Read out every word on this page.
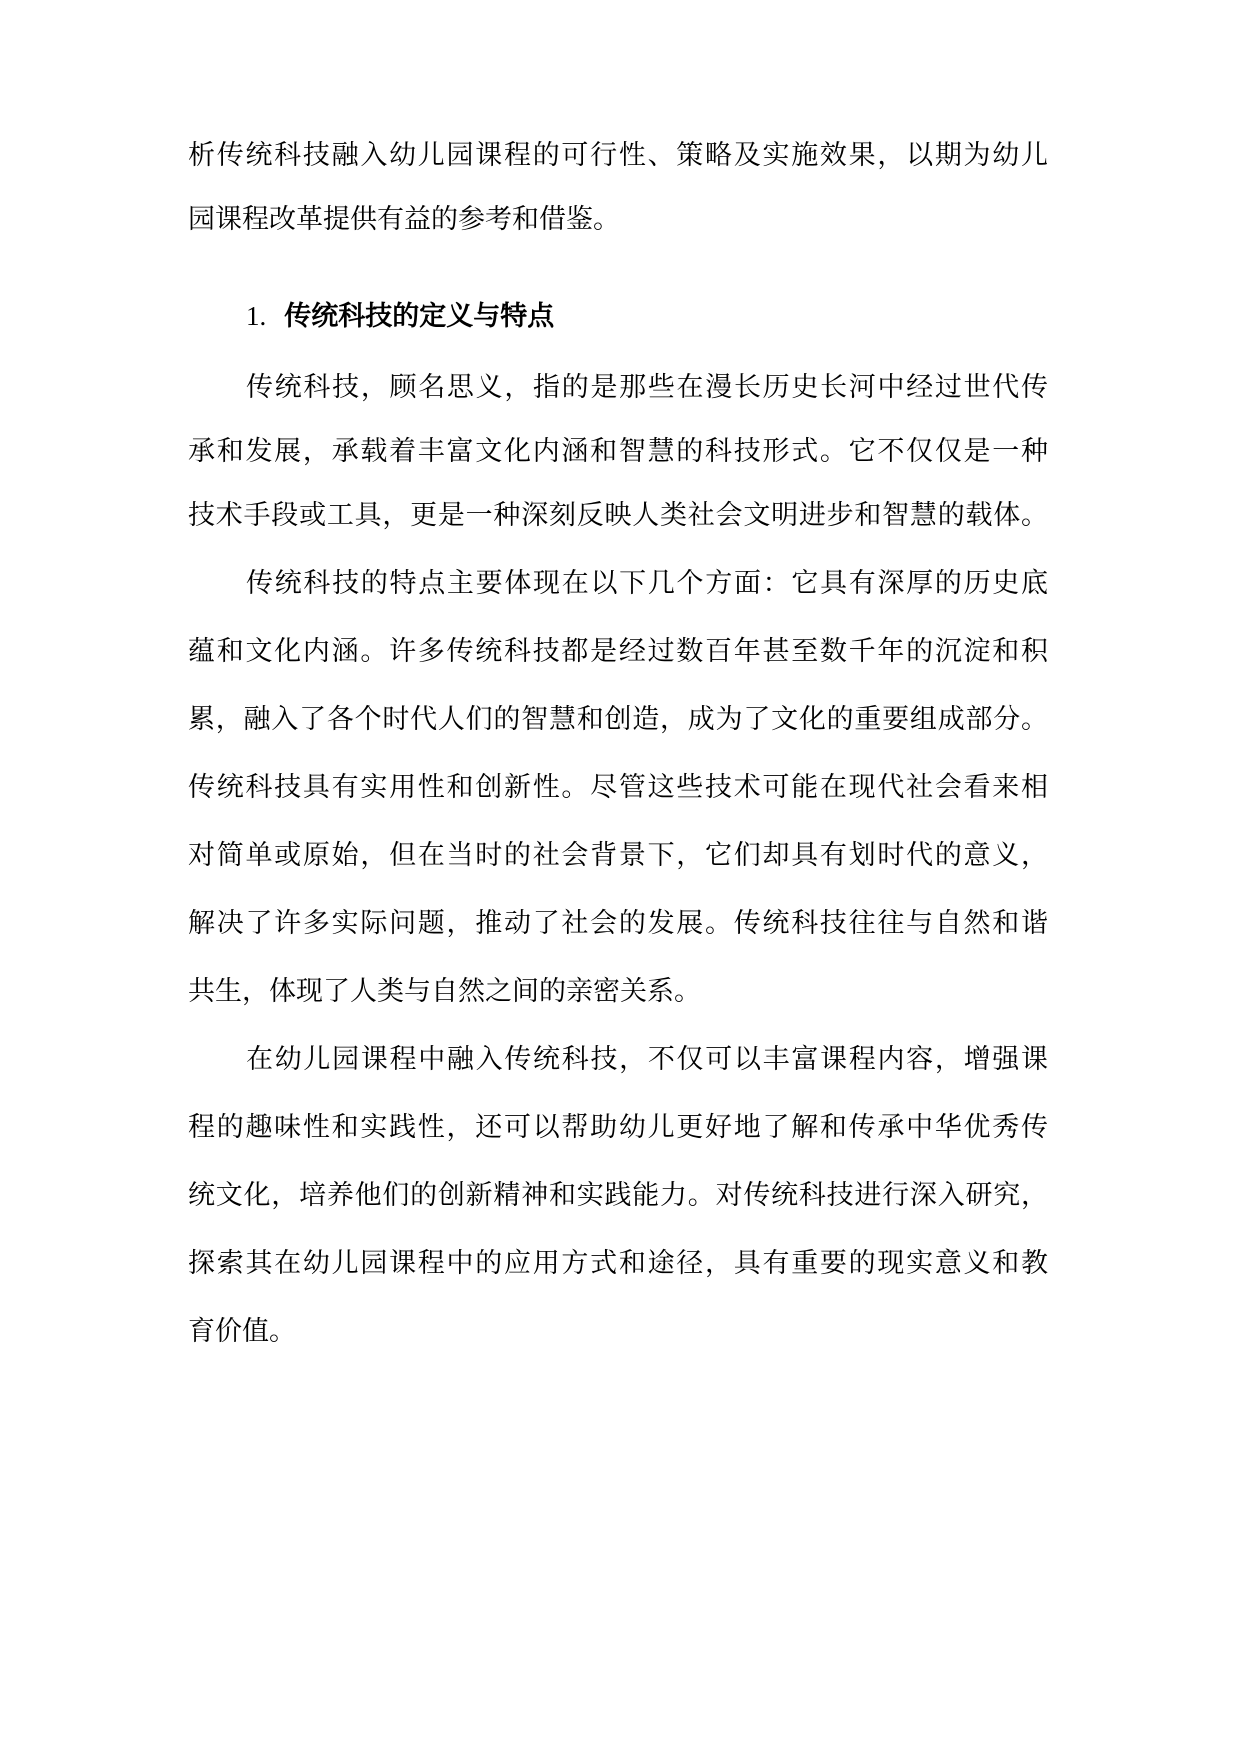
析传统科技融入幼儿园课程的可行性、策略及实施效果，以期为幼儿

园课程改革提供有益的参考和借鉴。

1. 传统科技的定义与特点

传统科技，顾名思义，指的是那些在漫长历史长河中经过世代传

承和发展，承载着丰富文化内涵和智慧的科技形式。它不仅仅是一种

技术手段或工具，更是一种深刻反映人类社会文明进步和智慧的载体。

传统科技的特点主要体现在以下几个方面：它具有深厚的历史底

蕴和文化内涵。许多传统科技都是经过数百年甚至数千年的沉淀和积

累，融入了各个时代人们的智慧和创造，成为了文化的重要组成部分。

传统科技具有实用性和创新性。尽管这些技术可能在现代社会看来相

对简单或原始，但在当时的社会背景下，它们却具有划时代的意义，

解决了许多实际问题，推动了社会的发展。传统科技往往与自然和谐

共生，体现了人类与自然之间的亲密关系。

在幼儿园课程中融入传统科技，不仅可以丰富课程内容，增强课

程的趣味性和实践性，还可以帮助幼儿更好地了解和传承中华优秀传

统文化，培养他们的创新精神和实践能力。对传统科技进行深入研究，

探索其在幼儿园课程中的应用方式和途径，具有重要的现实意义和教

育价值。
